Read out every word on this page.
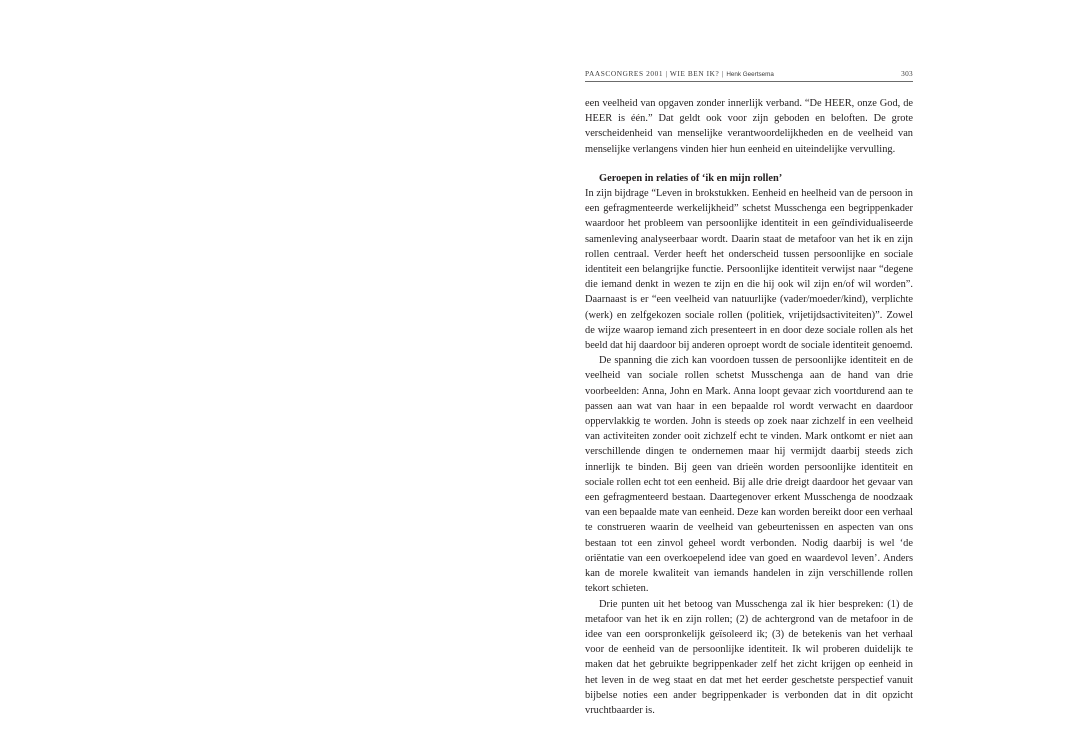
PAASCONGRES 2001 | WIE BEN IK? | Henk Geertsema	303

een veelheid van opgaven zonder innerlijk verband. “De HEER, onze God, de HEER is één.” Dat geldt ook voor zijn geboden en beloften. De grote verscheidenheid van menselijke verantwoordelijkheden en de veelheid van menselijke verlangens vinden hier hun eenheid en uiteindelijke vervulling.

Geroepen in relaties of ‘ik en mijn rollen’

In zijn bijdrage “Leven in brokstukken. Eenheid en heelheid van de persoon in een gefragmenteerde werkelijkheid” schetst Musschenga een begrippenkader waardoor het probleem van persoonlijke identiteit in een geïndividualiseerde samenleving analyseerbaar wordt. Daarin staat de metafoor van het ik en zijn rollen centraal. Verder heeft het onderscheid tussen persoonlijke en sociale identiteit een belangrijke functie. Persoonlijke identiteit verwijst naar “degene die iemand denkt in wezen te zijn en die hij ook wil zijn en/of wil worden”. Daarnaast is er “een veelheid van natuurlijke (vader/moeder/kind), verplichte (werk) en zelfgekozen sociale rollen (politiek, vrijetijdsactiviteiten)”. Zowel de wijze waarop iemand zich presenteert in en door deze sociale rollen als het beeld dat hij daardoor bij anderen oproept wordt de sociale identiteit genoemd.

De spanning die zich kan voordoen tussen de persoonlijke identiteit en de veelheid van sociale rollen schetst Musschenga aan de hand van drie voorbeelden: Anna, John en Mark. Anna loopt gevaar zich voortdurend aan te passen aan wat van haar in een bepaalde rol wordt verwacht en daardoor oppervlakkig te worden. John is steeds op zoek naar zichzelf in een veelheid van activiteiten zonder ooit zichzelf echt te vinden. Mark ontkomt er niet aan verschillende dingen te ondernemen maar hij vermijdt daarbij steeds zich innerlijk te binden. Bij geen van drieën worden persoonlijke identiteit en sociale rollen echt tot een eenheid. Bij alle drie dreigt daardoor het gevaar van een gefragmenteerd bestaan. Daartegenover erkent Musschenga de noodzaak van een bepaalde mate van eenheid. Deze kan worden bereikt door een verhaal te construeren waarin de veelheid van gebeurtenissen en aspecten van ons bestaan tot een zinvol geheel wordt verbonden. Nodig daarbij is wel ‘de oriëntatie van een overkoepelend idee van goed en waardevol leven’. Anders kan de morele kwaliteit van iemands handelen in zijn verschillende rollen tekort schieten.

Drie punten uit het betoog van Musschenga zal ik hier bespreken: (1) de metafoor van het ik en zijn rollen; (2) de achtergrond van de metafoor in de idee van een oorspronkelijk geïsoleerd ik; (3) de betekenis van het verhaal voor de eenheid van de persoonlijke identiteit. Ik wil proberen duidelijk te maken dat het gebruikte begrippenkader zelf het zicht krijgen op eenheid in het leven in de weg staat en dat met het eerder geschetste perspectief vanuit bijbelse noties een ander begrippenkader is verbonden dat in dit opzicht vruchtbaarder is.
